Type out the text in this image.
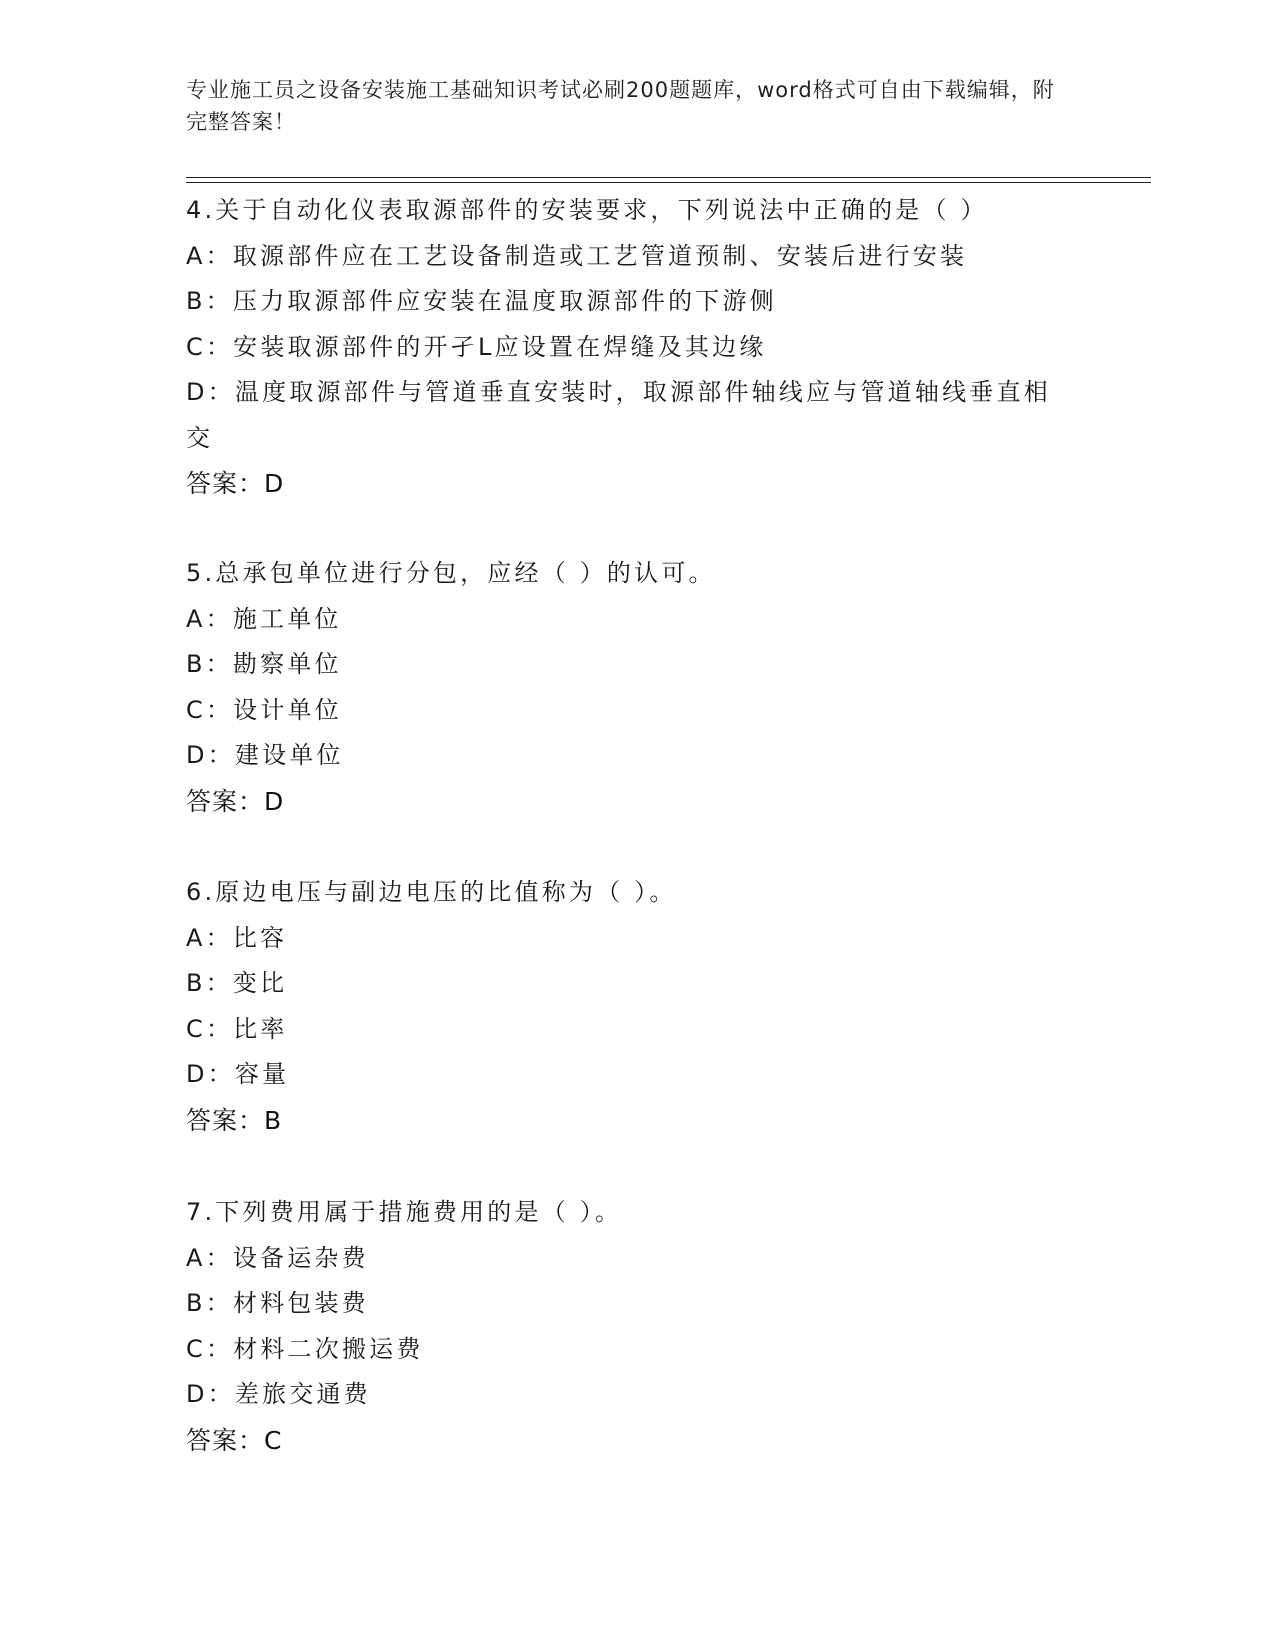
专业施工员之设备安装施工基础知识考试必刷200题题库，word格式可自由下载编辑，附完整答案！
4.关于自动化仪表取源部件的安装要求，下列说法中正确的是（ ）
A：取源部件应在工艺设备制造或工艺管道预制、安装后进行安装
B：压力取源部件应安装在温度取源部件的下游侧
C：安装取源部件的开孑L应设置在焊缝及其边缘
D：温度取源部件与管道垂直安装时，取源部件轴线应与管道轴线垂直相交
答案：D
5.总承包单位进行分包，应经（ ）的认可。
A：施工单位
B：勘察单位
C：设计单位
D：建设单位
答案：D
6.原边电压与副边电压的比值称为（ ）。
A：比容
B：变比
C：比率
D：容量
答案：B
7.下列费用属于措施费用的是（ ）。
A：设备运杂费
B：材料包装费
C：材料二次搬运费
D：差旅交通费
答案：C
